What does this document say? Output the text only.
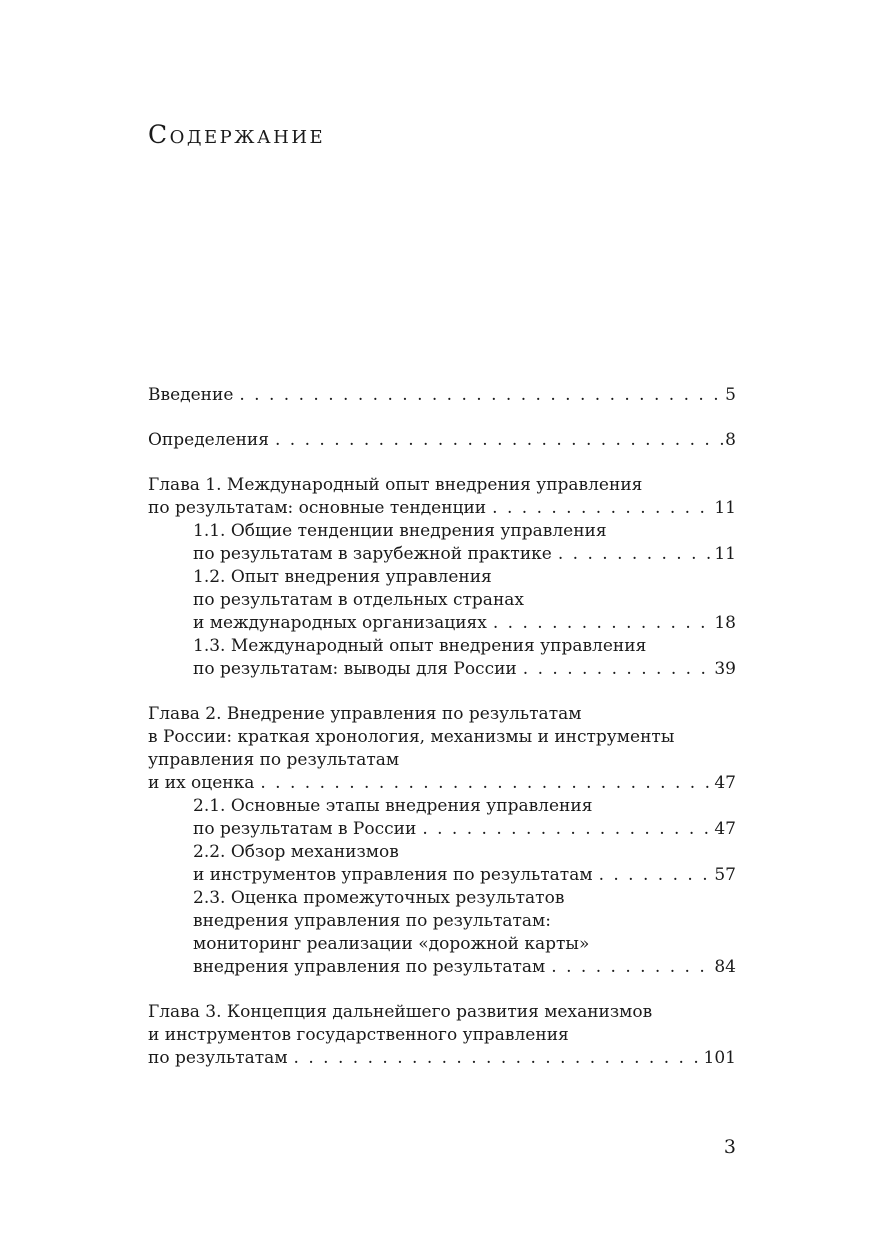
Содержание
Введение . . .	5
Определения . . .	8
Глава 1. Международный опыт внедрения управления
по результатам: основные тенденции . . .	11
1.1. Общие тенденции внедрения управления
по результатам в зарубежной практике . . .	11
1.2. Опыт внедрения управления
по результатам в отдельных странах
и международных организациях . . .	18
1.3. Международный опыт внедрения управления
по результатам: выводы для России . . .	39
Глава 2. Внедрение управления по результатам
в России: краткая хронология, механизмы и инструменты
управления по результатам
и их оценка . . .	47
2.1. Основные этапы внедрения управления
по результатам в России . . .	47
2.2. Обзор механизмов
и инструментов управления по результатам . . .	57
2.3. Оценка промежуточных результатов
внедрения управления по результатам:
мониторинг реализации «дорожной карты»
внедрения управления по результатам . . .	84
Глава 3. Концепция дальнейшего развития механизмов
и инструментов государственного управления
по результатам . . .	101
3
